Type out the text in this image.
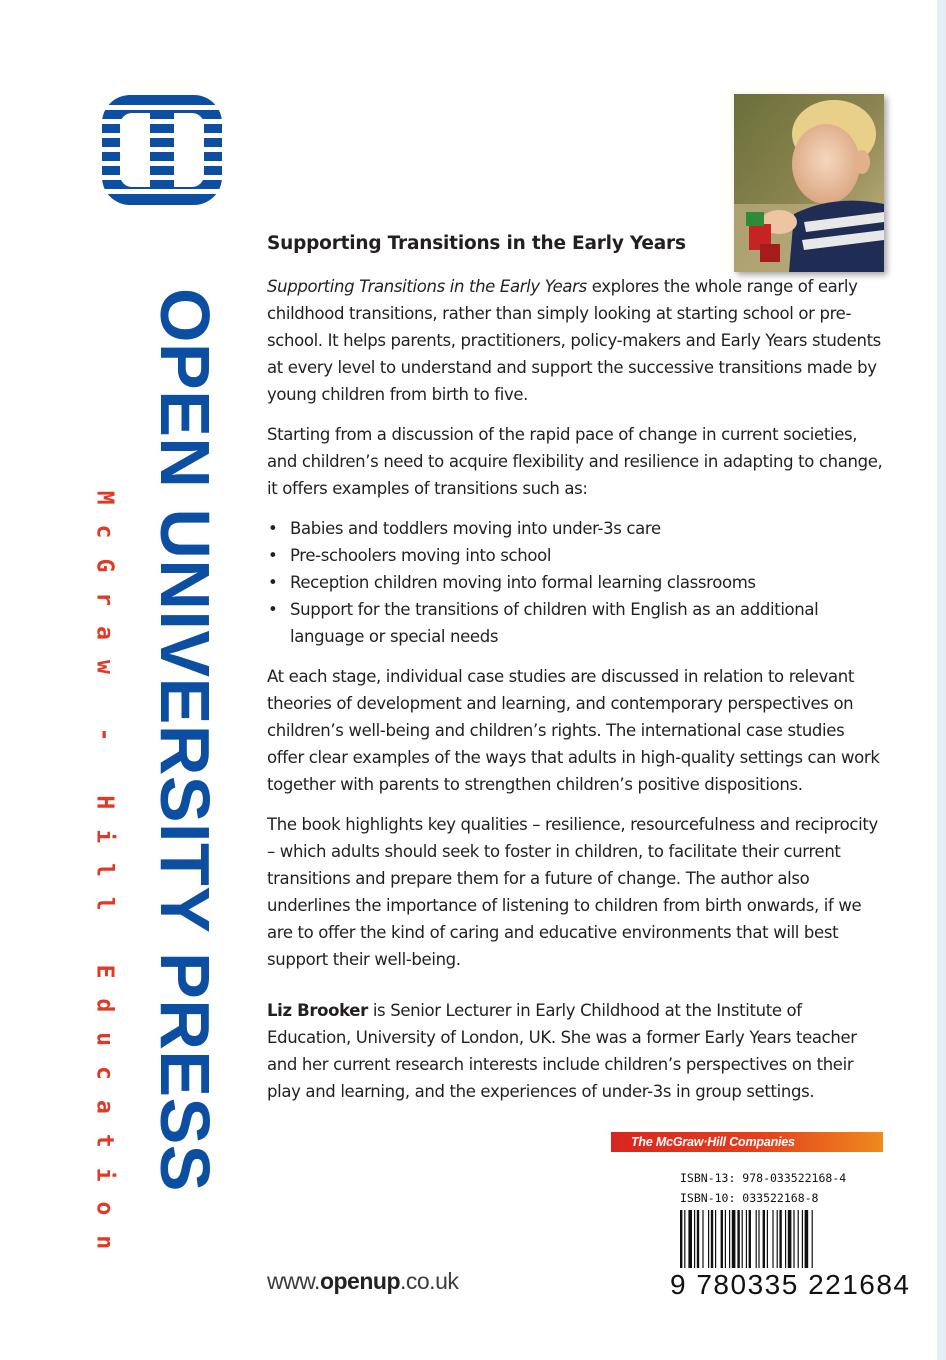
OPEN UNIVERSITY PRESS
McGraw - Hill Education
Supporting Transitions in the Early Years

Supporting Transitions in the Early Years explores the whole range of early childhood transitions, rather than simply looking at starting school or pre-school. It helps parents, practitioners, policy-makers and Early Years students at every level to understand and support the successive transitions made by young children from birth to five.

Starting from a discussion of the rapid pace of change in current societies, and children’s need to acquire flexibility and resilience in adapting to change, it offers examples of transitions such as:

• Babies and toddlers moving into under-3s care
• Pre-schoolers moving into school
• Reception children moving into formal learning classrooms
• Support for the transitions of children with English as an additional language or special needs

At each stage, individual case studies are discussed in relation to relevant theories of development and learning, and contemporary perspectives on children’s well-being and children’s rights. The international case studies offer clear examples of the ways that adults in high-quality settings can work together with parents to strengthen children’s positive dispositions.

The book highlights key qualities – resilience, resourcefulness and reciprocity – which adults should seek to foster in children, to facilitate their current transitions and prepare them for a future of change. The author also underlines the importance of listening to children from birth onwards, if we are to offer the kind of caring and educative environments that will best support their well-being.

Liz Brooker is Senior Lecturer in Early Childhood at the Institute of Education, University of London, UK. She was a former Early Years teacher and her current research interests include children’s perspectives on their play and learning, and the experiences of under-3s in group settings.

The McGraw·Hill Companies
ISBN-13: 978-033522168-4
ISBN-10: 033522168-8
9 780335 221684
www.openup.co.uk
